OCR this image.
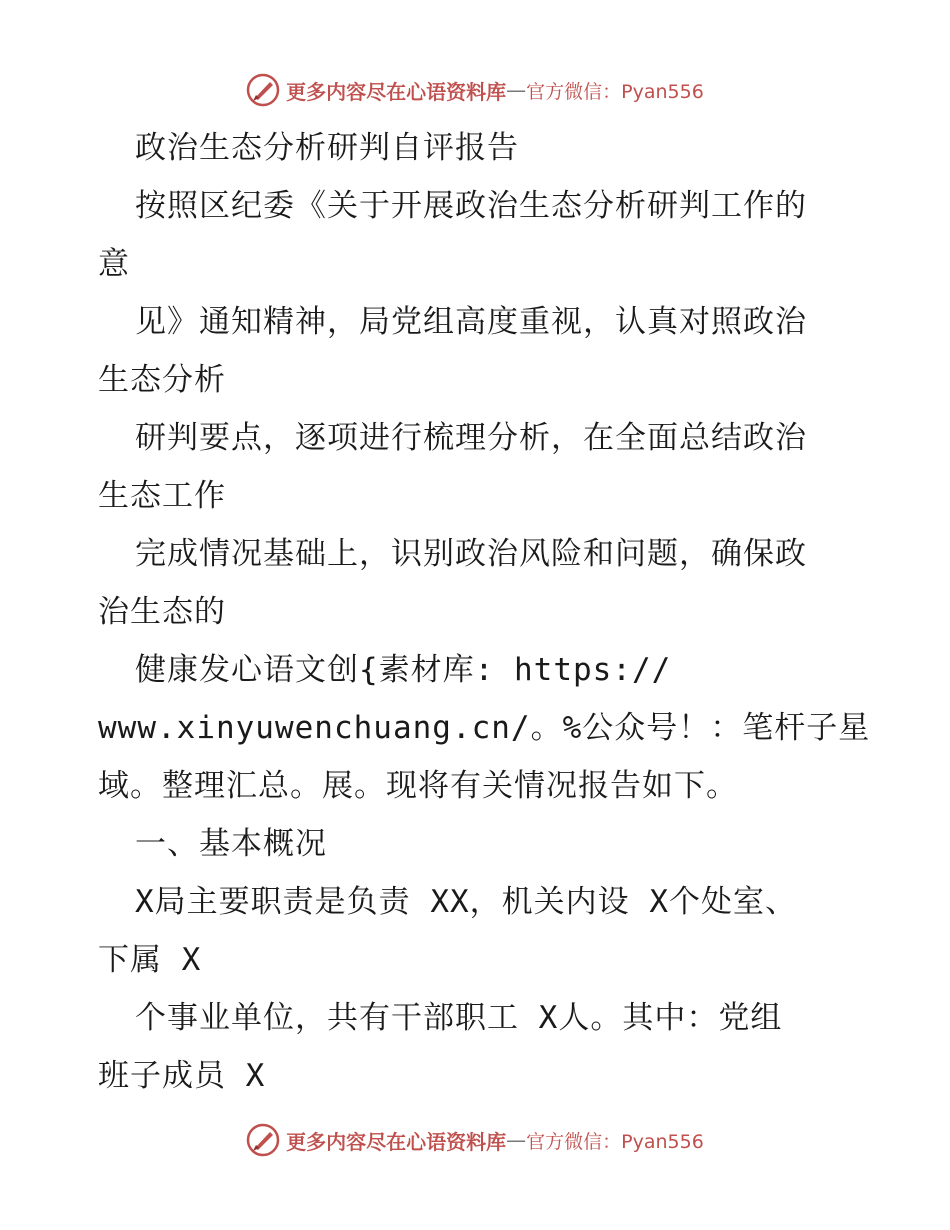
更多内容尽在心语资料库 — 官方微信：Pyan556
政治生态分析研判自评报告
按照区纪委《关于开展政治生态分析研判工作的
意
见》通知精神，局党组高度重视，认真对照政治
生态分析
研判要点，逐项进行梳理分析，在全面总结政治
生态工作
完成情况基础上，识别政治风险和问题，确保政
治生态的
健康发心语文创{素材库: https://
www.xinyuwenchuang.cn/。%公众号！：笔杆子星
域。整理汇总。展。现将有关情况报告如下。
一、基本概况
X局主要职责是负责 XX，机关内设 X个处室、
下属 X
个事业单位，共有干部职工 X人。其中：党组
班子成员 X
更多内容尽在心语资料库 — 官方微信：Pyan556
